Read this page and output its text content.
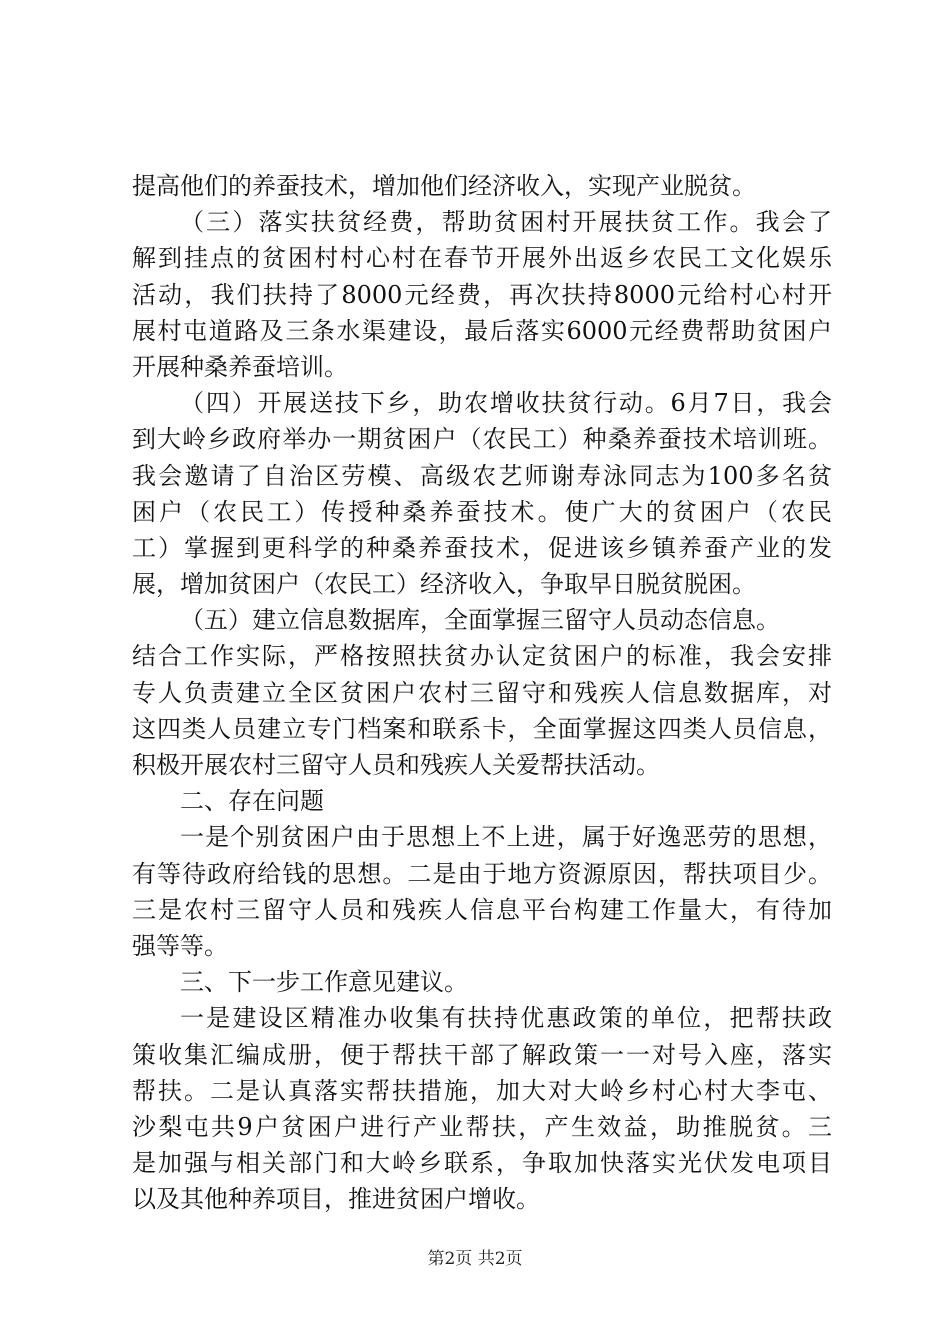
提高他们的养蚕技术，增加他们经济收入，实现产业脱贫。
（三）落实扶贫经费，帮助贫困村开展扶贫工作。我会了
解到挂点的贫困村村心村在春节开展外出返乡农民工文化娱乐
活动，我们扶持了8000元经费，再次扶持8000元给村心村开
展村屯道路及三条水渠建设，最后落实6000元经费帮助贫困户
开展种桑养蚕培训。
（四）开展送技下乡，助农增收扶贫行动。6月7日，我会
到大岭乡政府举办一期贫困户（农民工）种桑养蚕技术培训班。
我会邀请了自治区劳模、高级农艺师谢寿泳同志为100多名贫
困户（农民工）传授种桑养蚕技术。使广大的贫困户（农民
工）掌握到更科学的种桑养蚕技术，促进该乡镇养蚕产业的发
展，增加贫困户（农民工）经济收入，争取早日脱贫脱困。
（五）建立信息数据库，全面掌握三留守人员动态信息。
结合工作实际，严格按照扶贫办认定贫困户的标准，我会安排
专人负责建立全区贫困户农村三留守和残疾人信息数据库，对
这四类人员建立专门档案和联系卡，全面掌握这四类人员信息，
积极开展农村三留守人员和残疾人关爱帮扶活动。
二、存在问题
一是个别贫困户由于思想上不上进，属于好逸恶劳的思想，
有等待政府给钱的思想。二是由于地方资源原因，帮扶项目少。
三是农村三留守人员和残疾人信息平台构建工作量大，有待加
强等等。
三、下一步工作意见建议。
一是建设区精准办收集有扶持优惠政策的单位，把帮扶政
策收集汇编成册，便于帮扶干部了解政策一一对号入座，落实
帮扶。二是认真落实帮扶措施，加大对大岭乡村心村大李屯、
沙梨屯共9户贫困户进行产业帮扶，产生效益，助推脱贫。三
是加强与相关部门和大岭乡联系，争取加快落实光伏发电项目
以及其他种养项目，推进贫困户增收。
第2页 共2页
